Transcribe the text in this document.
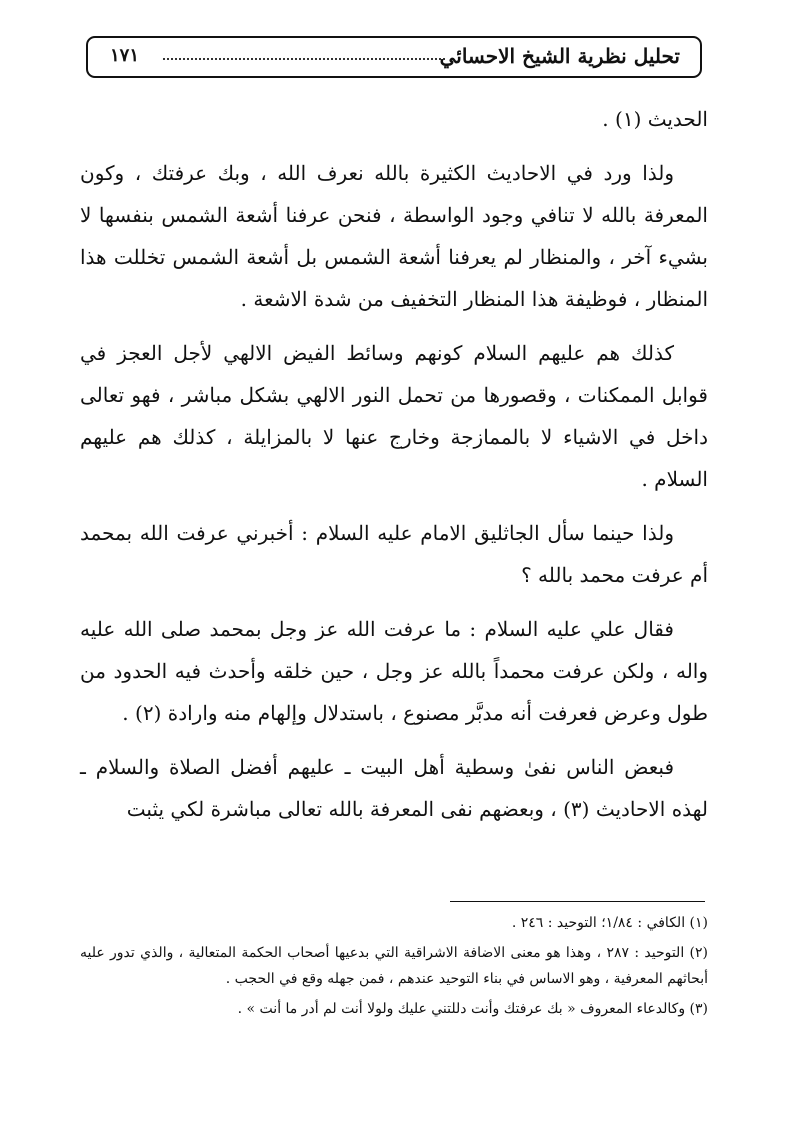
تحليل نظرية الشيخ الاحسائي
١٧١

الحديث (١) .

ولذا ورد في الاحاديث الكثيرة بالله نعرف الله ، وبك عرفتك ، وكون المعرفة بالله لا تنافي وجود الواسطة ، فنحن عرفنا أشعة الشمس بنفسها لا بشيء آخر ، والمنظار لم يعرفنا أشعة الشمس بل أشعة الشمس تخللت هذا المنظار ، فوظيفة هذا المنظار التخفيف من شدة الاشعة .

كذلك هم عليهم السلام كونهم وسائط الفيض الالهي لأجل العجز في قوابل الممكنات ، وقصورها من تحمل النور الالهي بشكل مباشر ، فهو تعالى داخل في الاشياء لا بالممازجة وخارج عنها لا بالمزايلة ، كذلك هم عليهم السلام .

ولذا حينما سأل الجاثليق الامام عليه السلام : أخبرني عرفت الله بمحمد أم عرفت محمد بالله ؟

فقال علي عليه السلام : ما عرفت الله عز وجل بمحمد صلى الله عليه واله ، ولكن عرفت محمداً بالله عز وجل ، حين خلقه وأحدث فيه الحدود من طول وعرض فعرفت أنه مدبَّر مصنوع ، باستدلال وإلهام منه وارادة (٢) .

فبعض الناس نفىٰ وسطية أهل البيت ـ عليهم أفضل الصلاة والسلام ـ لهذه الاحاديث (٣) ، وبعضهم نفى المعرفة بالله تعالى مباشرة لكي يثبت

(١) الكافي : ١/٨٤؛ التوحيد : ٢٤٦ .

(٢) التوحيد : ٢٨٧ ، وهذا هو معنى الاضافة الاشراقية التي بدعيها أصحاب الحكمة المتعالية ، والذي تدور عليه أبحاثهم المعرفية ، وهو الاساس في بناء التوحيد عندهم ، فمن جهله وقع في الحجب .

(٣) وكالدعاء المعروف « بك عرفتك وأنت دللتني عليك ولولا أنت لم أدر ما أنت » .
